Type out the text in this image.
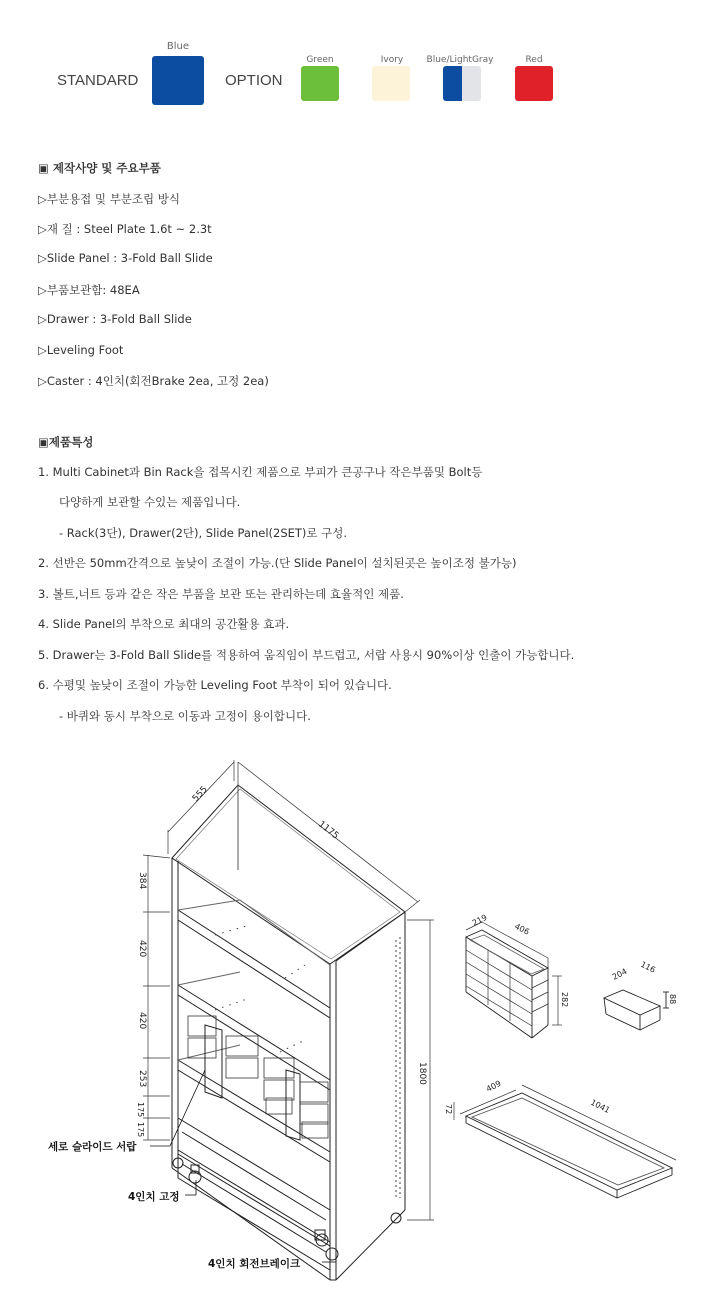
STANDARD
Blue
OPTION
Green	Ivory	Blue/LightGray	Red
▣ 제작사양 및 주요부품
▷부분용접 및 부분조립 방식
▷재 질 : Steel Plate 1.6t ~ 2.3t
▷Slide Panel : 3-Fold Ball Slide
▷부품보관함: 48EA
▷Drawer : 3-Fold Ball Slide
▷Leveling Foot
▷Caster : 4인치(회전Brake 2ea, 고정 2ea)
▣제품특성
1. Multi Cabinet과 Bin Rack을 접목시킨 제품으로 부피가 큰공구나 작은부품및 Bolt등
다양하게 보관할 수있는 제품입니다.
- Rack(3단), Drawer(2단), Slide Panel(2SET)로 구성.
2. 선반은 50mm간격으로 높낮이 조절이 가능.(단 Slide Panel이 설치된곳은 높이조정 불가능)
3. 볼트,너트 등과 같은 작은 부품을 보관 또는 관리하는데 효율적인 제품.
4. Slide Panel의 부착으로 최대의 공간활용 효과.
5. Drawer는 3-Fold Ball Slide를 적용하여 움직임이 부드럽고, 서랍 사용시 90%이상 인출이 가능합니다.
6. 수평및 높낮이 조절이 가능한 Leveling Foot 부착이 되어 있습니다.
- 바퀴와 동시 부착으로 이동과 고정이 용이합니다.
555
1175
384
420
420
253
175
175
1800
219
406
282
204 116
88
409
1041
72
세로 슬라이드 서랍
4인치 고정
4인치 회전브레이크
